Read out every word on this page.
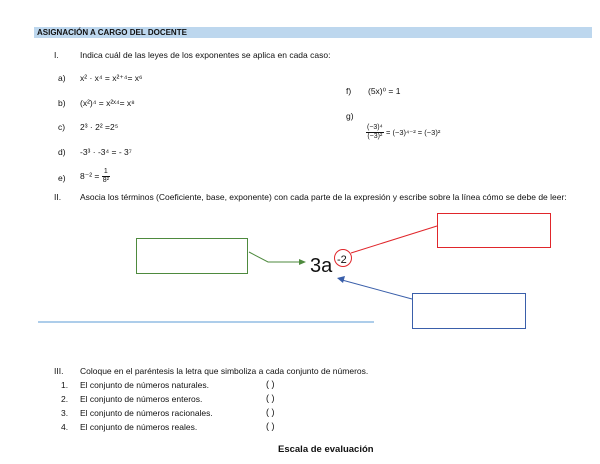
ASIGNACIÓN A CARGO DEL DOCENTE
I.	Indica cuál de las leyes de los exponentes se aplica en cada caso:
a) x² · x⁴ = x²⁺⁴= x⁶
b) (x²)⁴ = x²ˣ⁴= x⁸
c) 2³ · 2² =2⁵
d) -3³ · -3⁴ = - 3⁷
e) $8^{-2} = \frac{1}{\text{8²}}$
f) (5x)⁰ = 1
g)
$\frac{\text{(−3)⁴}}{\text{(−3)²}} = (-3)^{4-2} = (-3)^2$
II. Asocia los términos (Coeficiente, base, exponente) con cada parte de la expresión y escribe sobre la línea cómo se debe de leer:
3a -2
III. Coloque en el paréntesis la letra que simboliza a cada conjunto de números.
1. El conjunto de números naturales.	( )
2. El conjunto de números enteros.	( )
3. El conjunto de números racionales.	( )
4. El conjunto de números reales.	( )
Escala de evaluación
